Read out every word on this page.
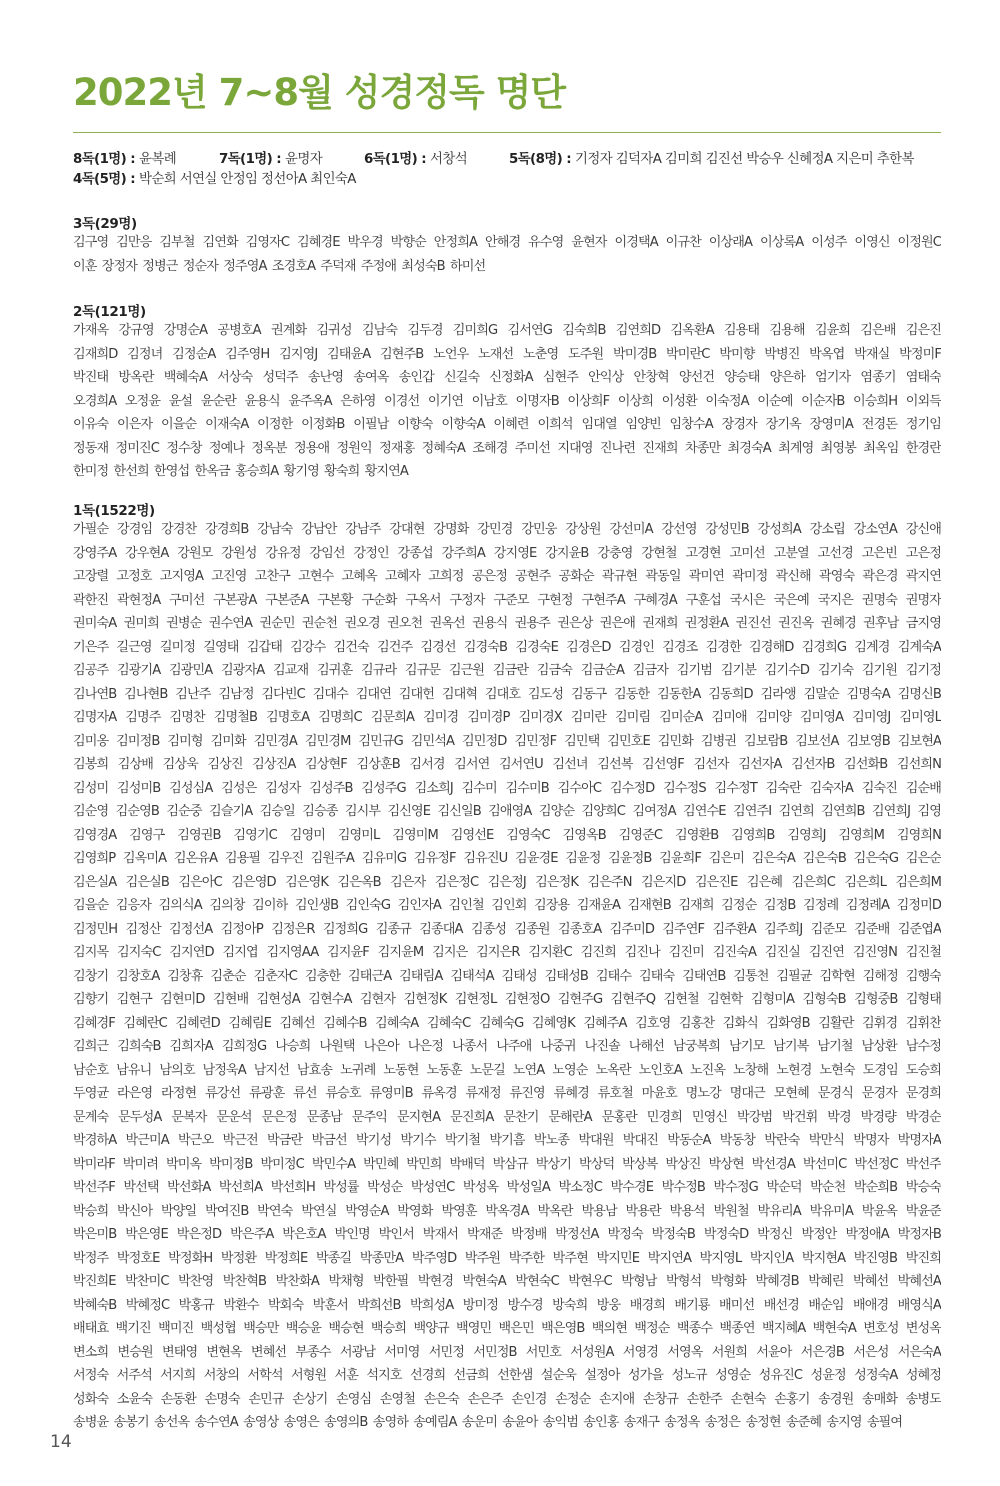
2022년 7~8월 성경정독 명단
8독(1명) : 윤복례	7독(1명) : 윤명자	6독(1명) : 서창석	5독(8명) : 기정자 김덕자A 김미희 김진선 박승우 신혜정A 지은미 추한복
4독(5명) : 박순희 서연실 안정임 정선아A 최인숙A
3독(29명)
김구영 김만응 김부철 김연화 김영자C 김혜경E 박우경 박향순 안정희A 안해경 유수영 윤현자 이경택A 이규찬 이상래A 이상록A 이성주 이영신 이정원C
이훈 장정자 정병근 정순자 정주영A 조경호A 주덕재 주정애 최성숙B 하미선
2독(121명)
가재옥 강규영 강명순A 공병호A 권계화 김귀성 김남숙 김두경 김미희G 김서연G 김숙희B 김연희D 김옥환A 김용태 김용해 김윤희 김은배 김은진
김재희D 김정녀 김정순A 김주영H 김지영J 김태윤A 김현주B 노언우 노재선 노춘영 도주원 박미경B 박미란C 박미향 박병진 박옥엽 박재실 박정미F
박진태 방옥란 백혜숙A 서상숙 성덕주 송난영 송여옥 송인갑 신길숙 신정화A 심현주 안익상 안창혁 양선건 양승태 양은하 엄기자 염종기 염태숙
오경희A 오정윤 윤설 윤순란 윤용식 윤주옥A 은하영 이경선 이기연 이남호 이명자B 이상희F 이상희 이성환 이숙정A 이순예 이순자B 이승희H 이외득
이유숙 이은자 이을순 이재숙A 이정한 이정화B 이필남 이향숙 이향숙A 이혜련 이희석 임대열 임양빈 임창수A 장경자 장기옥 장영미A 전경돈 정기임
정동재 정미진C 정수창 정예나 정옥분 정용애 정원익 정재홍 정혜숙A 조해경 주미선 지대영 진나련 진재희 차종만 최경숙A 최계영 최영봉 최옥임 한경란
한미정 한선희 한영섭 한옥금 홍승희A 황기영 황숙희 황지연A
1독(1522명)
가필순 강경임 강경찬 강경희B 강남숙 강남안 강남주 강대현 강명화 강민경 강민웅 강상원 강선미A 강선영 강성민B 강성희A 강소립 강소연A 강신애
강영주A 강우현A 강원모 강원성 강유정 강임선 강정인 강종섭 강주희A 강지영E 강지윤B 강충영 강현철 고경현 고미선 고분열 고선경 고은빈 고은정
고장렬 고정호 고지영A 고진영 고찬구 고현수 고혜옥 고혜자 고희정 공은정 공현주 공화순 곽규현 곽동일 곽미연 곽미정 곽신해 곽영숙 곽은경 곽지연
곽한진 곽현정A 구미선 구본광A 구본준A 구본황 구순화 구옥서 구정자 구준모 구현정 구현주A 구혜경A 구훈섭 국시은 국은예 국지은 권명숙 권명자
권미숙A 권미희 권병순 권수연A 권순민 권순천 권오경 권오천 권옥선 권용식 권용주 권은상 권은애 권재희 권정환A 권진선 권진옥 권혜경 권후남 금지영
기은주 길근영 길미정 길영태 김갑태 김강수 김건숙 김건주 김경선 김경숙B 김경숙E 김경은D 김경인 김경조 김경한 김경해D 김경희G 김계경 김계숙A
김공주 김광기A 김광민A 김광자A 김교재 김귀훈 김규라 김규문 김근원 김금란 김금숙 김금순A 김금자 김기범 김기분 김기수D 김기숙 김기원 김기정
김나연B 김나현B 김난주 김남정 김다빈C 김대수 김대연 김대헌 김대혁 김대호 김도성 김동구 김동한 김동한A 김동희D 김라앵 김말순 김명숙A 김명신B
김명자A 김명주 김명찬 김명철B 김명호A 김명희C 김문희A 김미경 김미경P 김미경X 김미란 김미림 김미순A 김미애 김미양 김미영A 김미영J 김미영L
김미옹 김미정B 김미형 김미화 김민경A 김민경M 김민규G 김민석A 김민정D 김민정F 김민택 김민호E 김민화 김병권 김보람B 김보선A 김보영B 김보현A
김봉희 김상배 김상욱 김상진 김상진A 김상현F 김상훈B 김서경 김서연 김서연U 김선녀 김선복 김선영F 김선자 김선자A 김선자B 김선화B 김선희N
김성미 김성미B 김성심A 김성은 김성자 김성주B 김성주G 김소희J 김수미 김수미B 김수아C 김수정D 김수정S 김수정T 김숙란 김숙자A 김숙진 김순배
김순영 김순영B 김순중 김슬기A 김승일 김승종 김시부 김신영E 김신일B 김애영A 김양순 김양희C 김여정A 김연수E 김연주I 김연희 김연희B 김연희J 김영
김영경A 김영구 김영권B 김영기C 김영미 김영미L 김영미M 김영선E 김영숙C 김영옥B 김영준C 김영환B 김영희B 김영희J 김영희M 김영희N
김영희P 김옥미A 김온유A 김용필 김우진 김원주A 김유미G 김유정F 김유진U 김윤경E 김윤정 김윤정B 김윤희F 김은미 김은숙A 김은숙B 김은숙G 김은순
김은실A 김은실B 김은아C 김은영D 김은영K 김은옥B 김은자 김은정C 김은정J 김은정K 김은주N 김은지D 김은진E 김은혜 김은희C 김은희L 김은희M
김을순 김응자 김의식A 김의창 김이하 김인생B 김인숙G 김인자A 김인철 김인회 김장용 김재윤A 김재현B 김재희 김정순 김정B 김정례 김정례A 김정미D
김정민H 김정산 김정선A 김정아P 김정은R 김정희G 김종규 김종대A 김종성 김종원 김종호A 김주미D 김주연F 김주환A 김주희J 김준모 김준배 김준엽A
김지목 김지숙C 김지연D 김지엽 김지영AA 김지윤F 김지윤M 김지은 김지은R 김지환C 김진희 김진나 김진미 김진숙A 김진실 김진연 김진영N 김진철
김창기 김창호A 김창휴 김춘순 김춘자C 김충한 김태근A 김태림A 김태석A 김태성 김태성B 김태수 김태숙 김태연B 김통천 김필균 김학현 김해정 김행숙
김향기 김현구 김현미D 김현배 김현성A 김현수A 김현자 김현정K 김현정L 김현정O 김현주G 김현주Q 김현철 김현학 김형미A 김형숙B 김형중B 김형태
김혜경F 김혜란C 김혜련D 김혜림E 김혜선 김혜수B 김혜숙A 김혜숙C 김혜숙G 김혜영K 김혜주A 김호영 김홍찬 김화식 김화영B 김활란 김휘경 김휘찬
김희근 김희숙B 김희자A 김희정G 나승희 나원택 나은아 나은정 나종서 나주애 나중귀 나진솔 나해선 남궁복희 남기모 남기복 남기철 남상환 남수정
남순호 남유니 남의호 남정욱A 남지선 남효송 노귀례 노동현 노동훈 노문길 노연A 노영순 노옥란 노인호A 노진옥 노창해 노현경 노현숙 도경임 도승희
두영균 라은영 라정현 류강선 류광훈 류선 류승호 류영미B 류옥경 류재정 류진영 류혜경 류호철 마윤호 명노강 명대근 모현혜 문경식 문경자 문경희
문계숙 문두성A 문복자 문운석 문은정 문종남 문주익 문지현A 문진희A 문찬기 문해란A 문홍란 민경희 민영신 박강범 박건휘 박경 박경량 박경순
박경하A 박근미A 박근오 박근전 박금란 박금선 박기성 박기수 박기철 박기흠 박노종 박대원 박대진 박동순A 박동창 박란숙 박만식 박명자 박명자A
박미라F 박미려 박미옥 박미정B 박미정C 박민수A 박민혜 박민희 박배덕 박삼규 박상기 박상덕 박상복 박상진 박상현 박선경A 박선미C 박선정C 박선주
박선주F 박선택 박선화A 박선희A 박선희H 박성률 박성순 박성연C 박성옥 박성일A 박소정C 박수경E 박수정B 박수정G 박순덕 박순천 박순희B 박승숙
박승희 박신아 박양일 박여진B 박연숙 박연실 박영순A 박영화 박영훈 박옥경A 박옥란 박용남 박용란 박용석 박원철 박유리A 박유미A 박윤옥 박윤준
박은미B 박은영E 박은정D 박은주A 박은호A 박인명 박인서 박재서 박재준 박정배 박정선A 박정숙 박정숙B 박정숙D 박정신 박정안 박정애A 박정자B
박정주 박정호E 박정화H 박정환 박정희E 박종길 박종만A 박주영D 박주원 박주한 박주현 박지민E 박지연A 박지영L 박지인A 박지현A 박진영B 박진희
박진희E 박찬미C 박찬영 박찬혁B 박찬화A 박채형 박한필 박현경 박현숙A 박현숙C 박현우C 박형남 박형석 박형화 박혜경B 박혜린 박혜선 박혜선A
박혜숙B 박혜정C 박홍규 박환수 박회숙 박훈서 박희선B 박희성A 방미정 방수경 방숙희 방웅 배경희 배기룡 배미선 배선경 배순임 배애경 배영식A
배태효 백기진 백미진 백성협 백승만 백승윤 백승현 백승희 백양규 백영민 백은민 백은영B 백의현 백정순 백종수 백종연 백지혜A 백현숙A 변호성 변성옥
변소희 변승원 변태영 변현옥 변혜선 부종수 서광남 서미영 서민정 서민정B 서민호 서성원A 서영경 서영옥 서원희 서윤아 서은경B 서은성 서은숙A
서정숙 서주석 서지희 서창의 서학석 서형원 서훈 석지호 선경희 선금희 선한샘 설순욱 설정아 성가을 성노규 성영순 성유진C 성윤정 성정숙A 성혜정
성화숙 소윤숙 손동환 손명숙 손민규 손상기 손영심 손영철 손은숙 손은주 손인경 손정순 손지애 손창규 손한주 손현숙 손홍기 송경원 송매화 송병도
송병윤 송봉기 송선옥 송수연A 송영상 송영은 송영의B 송영하 송예림A 송운미 송윤아 송익범 송인홍 송재구 송정옥 송정은 송정현 송준혜 송지영 송필여
14
